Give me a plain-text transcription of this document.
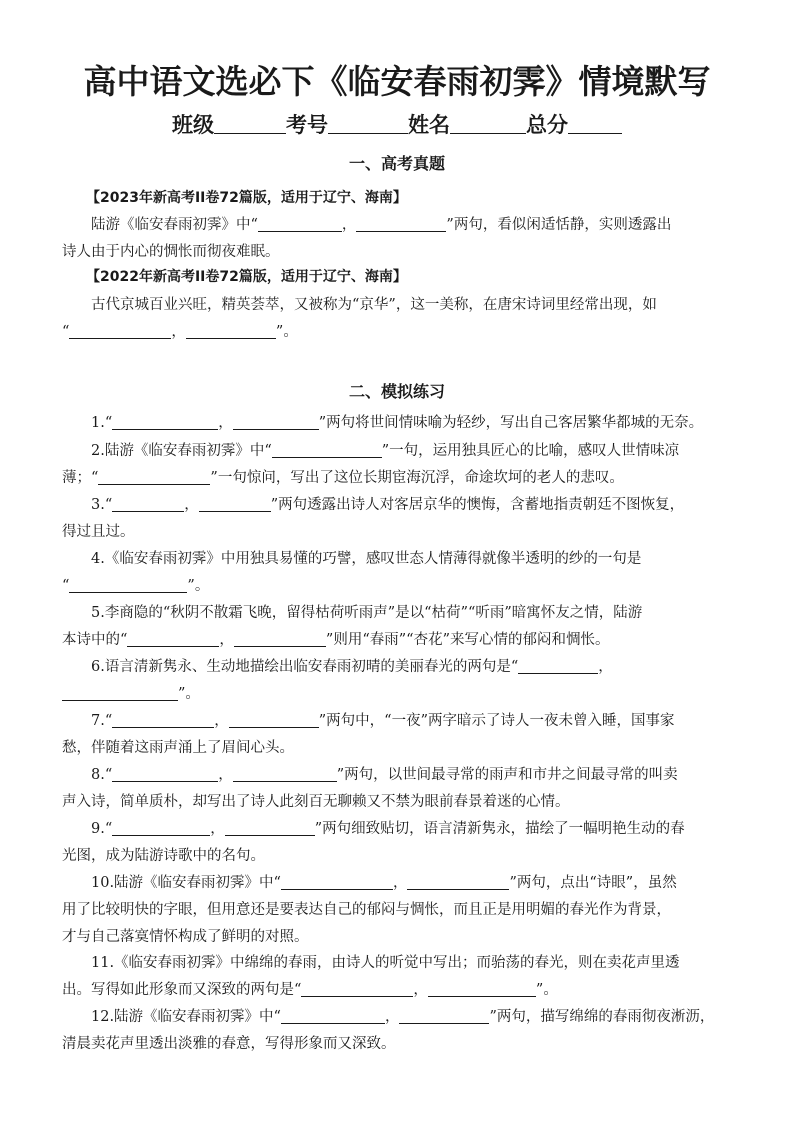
高中语文选必下《临安春雨初霁》情境默写
班级	考号	姓名	总分
一、高考真题
【2023年新高考II卷72篇版，适用于辽宁、海南】
陆游《临安春雨初霁》中“	，	”两句，看似闲适恬静，实则透露出
诗人由于内心的惆怅而彻夜难眠。
【2022年新高考II卷72篇版，适用于辽宁、海南】
古代京城百业兴旺，精英荟萃，又被称为“京华”，这一美称，在唐宋诗词里经常出现，如
“	，	”。
二、模拟练习
1.“	，	”两句将世间情味喻为轻纱，写出自己客居繁华都城的无奈。
2.陆游《临安春雨初霁》中“	”一句，运用独具匠心的比喻，感叹人世情味凉
薄；“	”一句惊问，写出了这位长期宦海沉浮，命途坎坷的老人的悲叹。
3.“	，	”两句透露出诗人对客居京华的懊悔，含蓄地指责朝廷不图恢复，
得过且过。
4.《临安春雨初霁》中用独具易懂的巧譬，感叹世态人情薄得就像半透明的纱的一句是
“	”。
5.李商隐的“秋阴不散霜飞晚，留得枯荷听雨声”是以“枯荷”“听雨”暗寓怀友之情，陆游
本诗中的“	，	”则用“春雨”“杏花”来写心情的郁闷和惆怅。
6.语言清新隽永、生动地描绘出临安春雨初晴的美丽春光的两句是“	，
”。
7.“	，	”两句中，“一夜”两字暗示了诗人一夜未曾入睡，国事家
愁，伴随着这雨声涌上了眉间心头。
8.“	，	”两句，以世间最寻常的雨声和市井之间最寻常的叫卖
声入诗，简单质朴，却写出了诗人此刻百无聊赖又不禁为眼前春景着迷的心情。
9.“	，	”两句细致贴切，语言清新隽永，描绘了一幅明艳生动的春
光图，成为陆游诗歌中的名句。
10.陆游《临安春雨初霁》中“	，	”两句，点出“诗眼”，虽然
用了比较明快的字眼，但用意还是要表达自己的郁闷与惆怅，而且正是用明媚的春光作为背景，
才与自己落寞情怀构成了鲜明的对照。
11.《临安春雨初霁》中绵绵的春雨，由诗人的听觉中写出；而骀荡的春光，则在卖花声里透
出。写得如此形象而又深致的两句是“	，	”。
12.陆游《临安春雨初霁》中“	，	”两句，描写绵绵的春雨彻夜淅沥，
清晨卖花声里透出淡雅的春意，写得形象而又深致。
